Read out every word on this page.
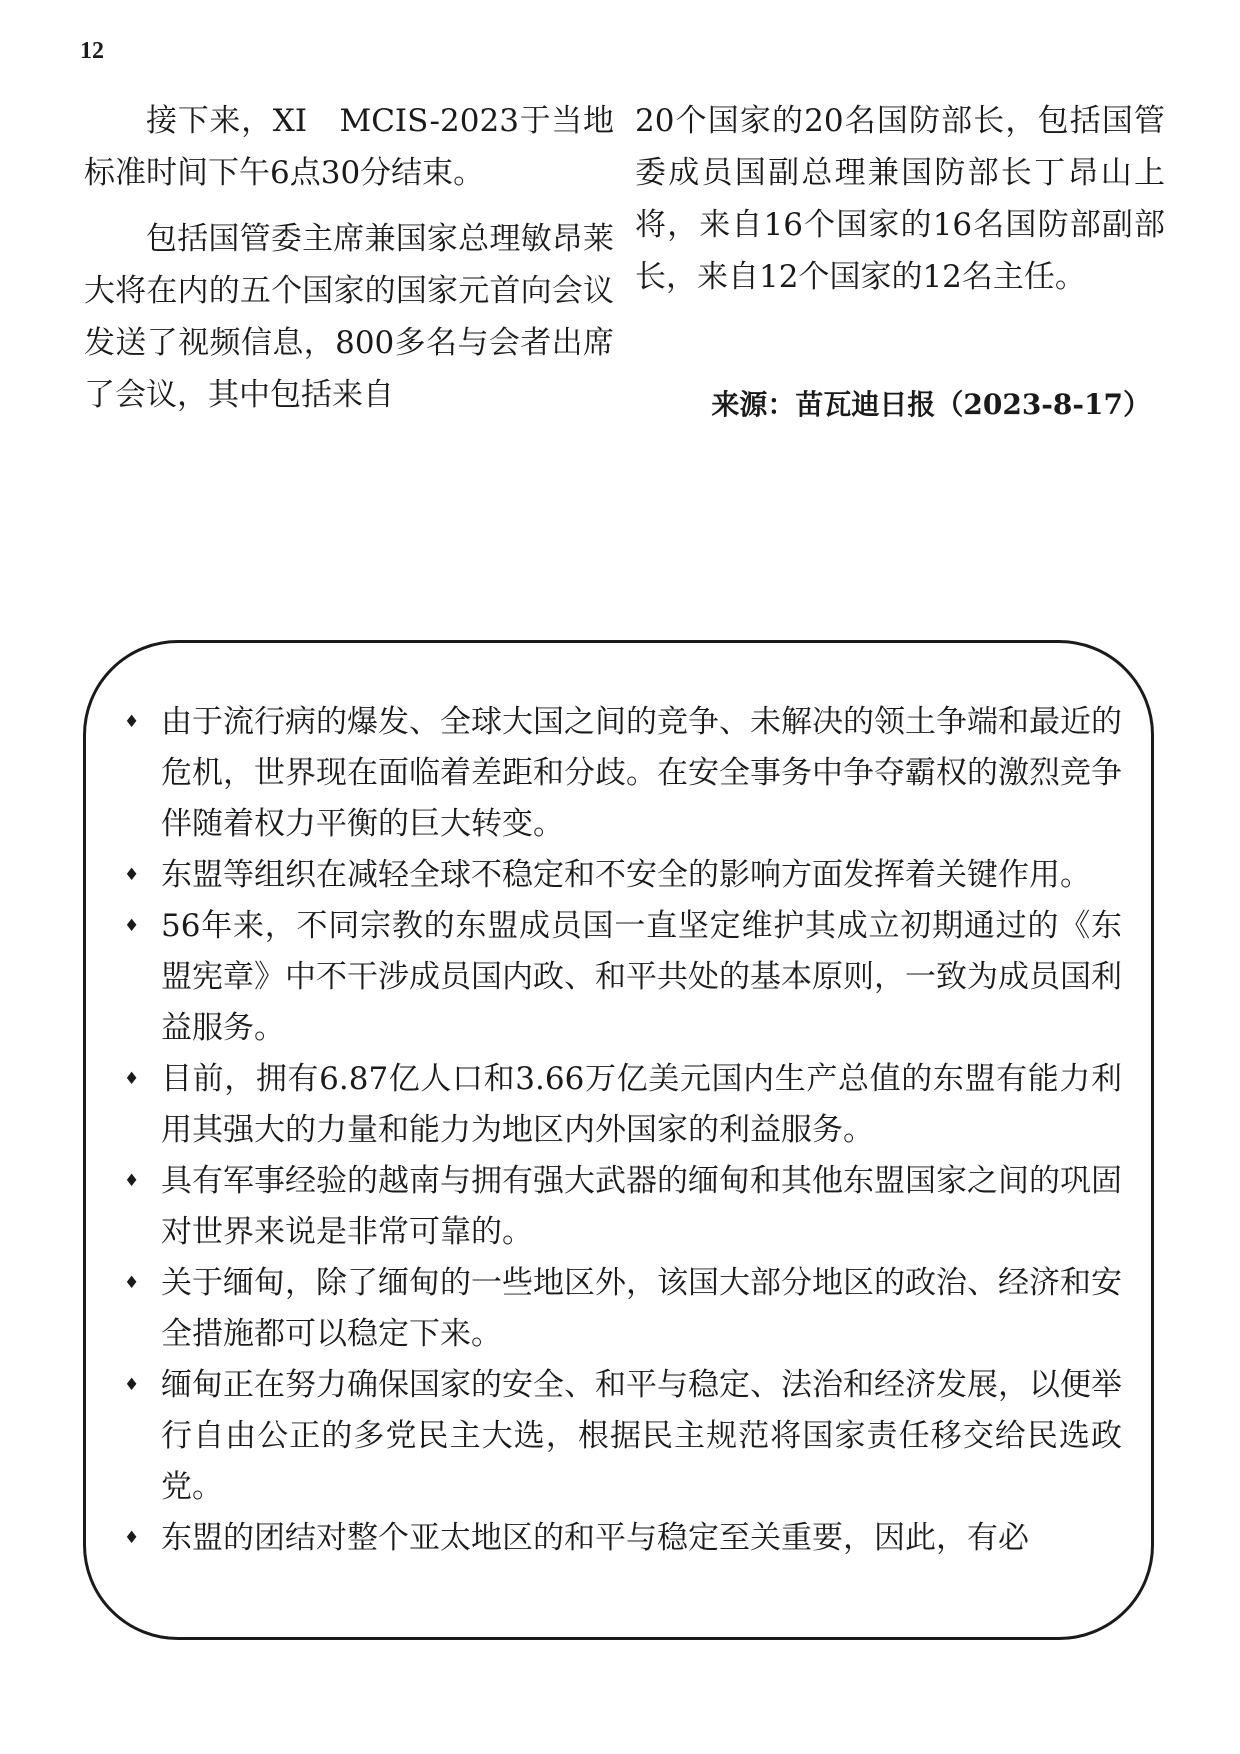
12

接下来，XI　MCIS-2023于当地标准时间下午6点30分结束。

包括国管委主席兼国家总理敏昂莱大将在内的五个国家的国家元首向会议发送了视频信息，800多名与会者出席了会议，其中包括来自

20个国家的20名国防部长，包括国管委成员国副总理兼国防部长丁昂山上将，来自16个国家的16名国防部副部长，来自12个国家的12名主任。

来源：苗瓦迪日报（2023-8-17）
♦ 由于流行病的爆发、全球大国之间的竞争、未解决的领土争端和最近的危机，世界现在面临着差距和分歧。在安全事务中争夺霸权的激烈竞争伴随着权力平衡的巨大转变。
♦ 东盟等组织在减轻全球不稳定和不安全的影响方面发挥着关键作用。
♦ 56年来，不同宗教的东盟成员国一直坚定维护其成立初期通过的《东盟宪章》中不干涉成员国内政、和平共处的基本原则，一致为成员国利益服务。
♦ 目前，拥有6.87亿人口和3.66万亿美元国内生产总值的东盟有能力利用其强大的力量和能力为地区内外国家的利益服务。
♦ 具有军事经验的越南与拥有强大武器的缅甸和其他东盟国家之间的巩固对世界来说是非常可靠的。
♦ 关于缅甸，除了缅甸的一些地区外，该国大部分地区的政治、经济和安全措施都可以稳定下来。
♦ 缅甸正在努力确保国家的安全、和平与稳定、法治和经济发展，以便举行自由公正的多党民主大选，根据民主规范将国家责任移交给民选政党。
♦ 东盟的团结对整个亚太地区的和平与稳定至关重要，因此，有必
